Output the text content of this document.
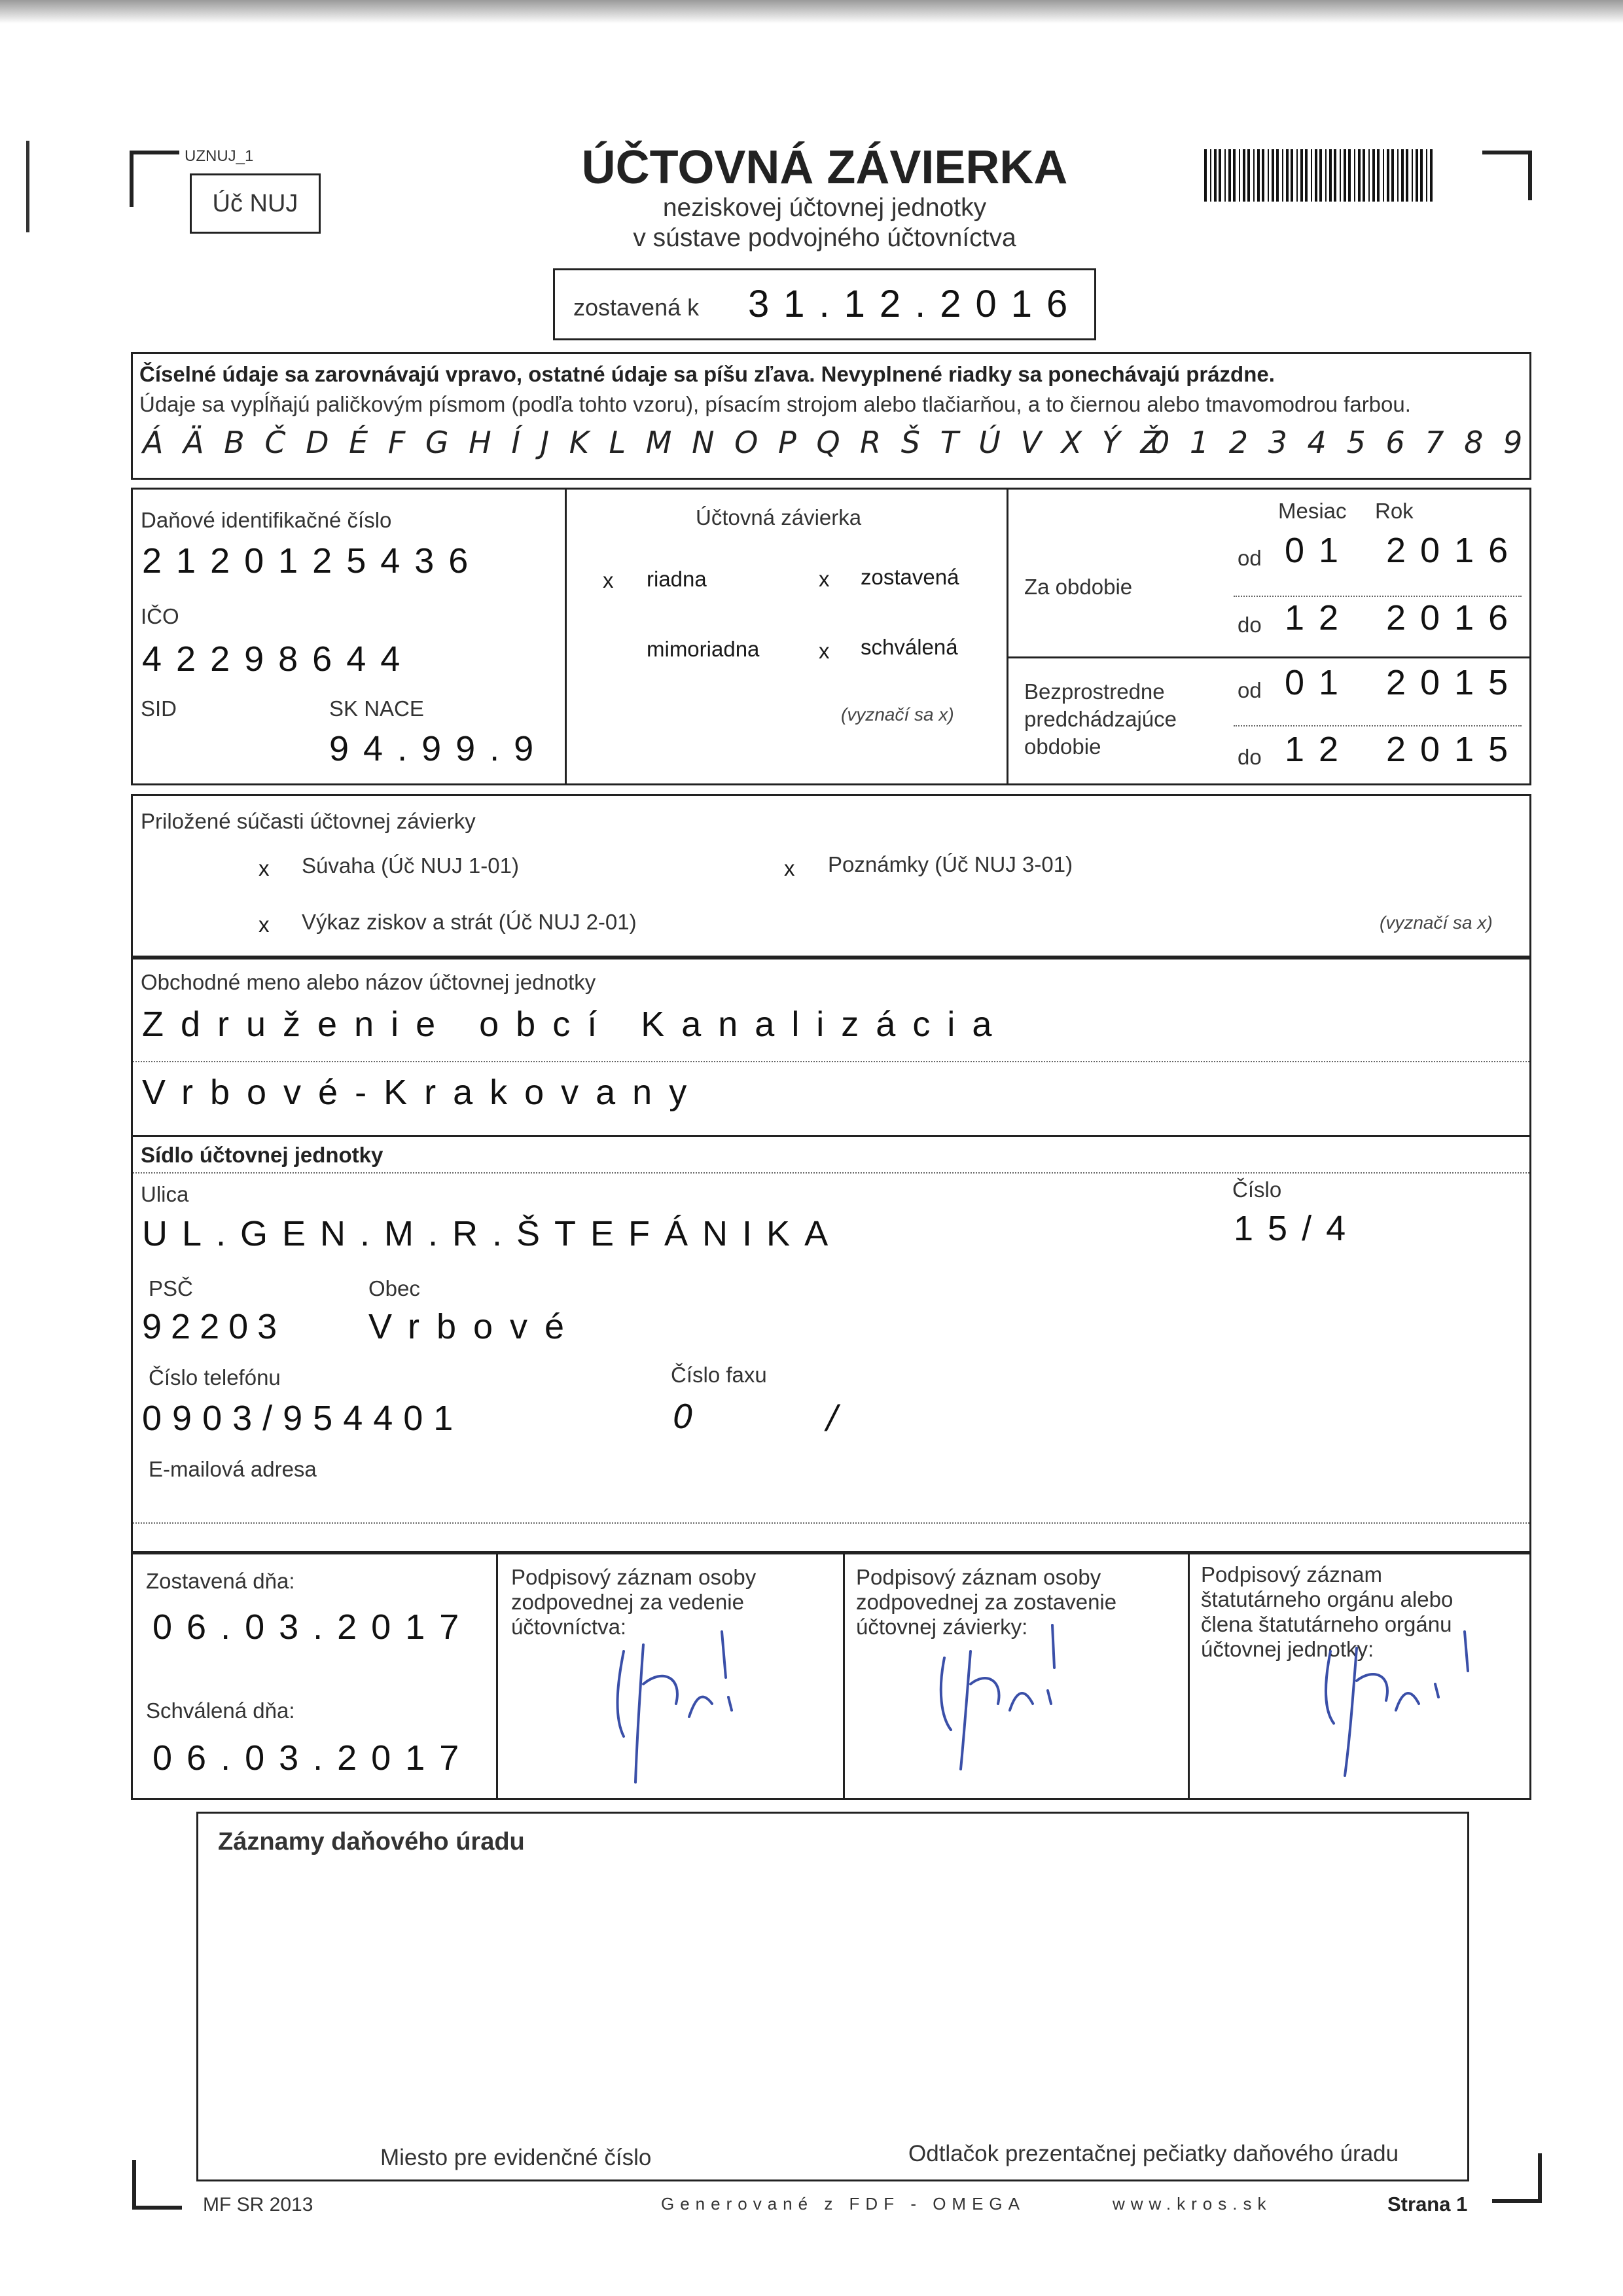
UZNUJ_1
Úč NUJ
ÚČTOVNÁ ZÁVIERKA
neziskovej účtovnej jednotky
v sústave podvojného účtovníctva
zostavená k 31.12.2016
Číselné údaje sa zarovnávajú vpravo, ostatné údaje sa píšu zľava. Nevyplnené riadky sa ponechávajú prázdne.
Údaje sa vypĺňajú paličkovým písmom (podľa tohto vzoru), písacím strojom alebo tlačiarňou, a to čiernou alebo tmavomodrou farbou.
Á Ä B Č D É F G H Í J K L M N O P Q R Š T Ú V X Ý Ž
0 1 2 3 4 5 6 7 8 9
Daňové identifikačné číslo
2120125436
IČO
42298644
SID	SK NACE
94.99.9
Účtovná závierka
x riadna	x zostavená
mimoriadna	x schválená
(vyznačí sa x)
Mesiac Rok
Za obdobie
od 01 2016
do 12 2016
Bezprostredne
predchádzajúce
obdobie
od 01 2015
do 12 2015
Priložené súčasti účtovnej závierky
x Súvaha (Úč NUJ 1-01)
x Výkaz ziskov a strát (Úč NUJ 2-01)
x Poznámky (Úč NUJ 3-01)
(vyznačí sa x)
Obchodné meno alebo názov účtovnej jednotky
Združenie obcí Kanalizácia
Vrbové-Krakovany
Sídlo účtovnej jednotky
Ulica
UL.GEN.M.R.ŠTEFÁNIKA
Číslo
15/4
PSČ	Obec
92203 Vrbové
Číslo telefónu	Číslo faxu
0903/954401	0	/
E-mailová adresa
Zostavená dňa:
06.03.2017
Schválená dňa:
06.03.2017
Podpisový záznam osoby
zodpovednej za vedenie
účtovníctva:
Podpisový záznam osoby
zodpovednej za zostavenie
účtovnej závierky:
Podpisový záznam
štatutárneho orgánu alebo
člena štatutárneho orgánu
účtovnej jednotky:
Záznamy daňového úradu
Miesto pre evidenčné číslo	Odtlačok prezentačnej pečiatky daňového úradu
MF SR 2013	Generované z FDF - OMEGA	www.kros.sk	Strana 1
